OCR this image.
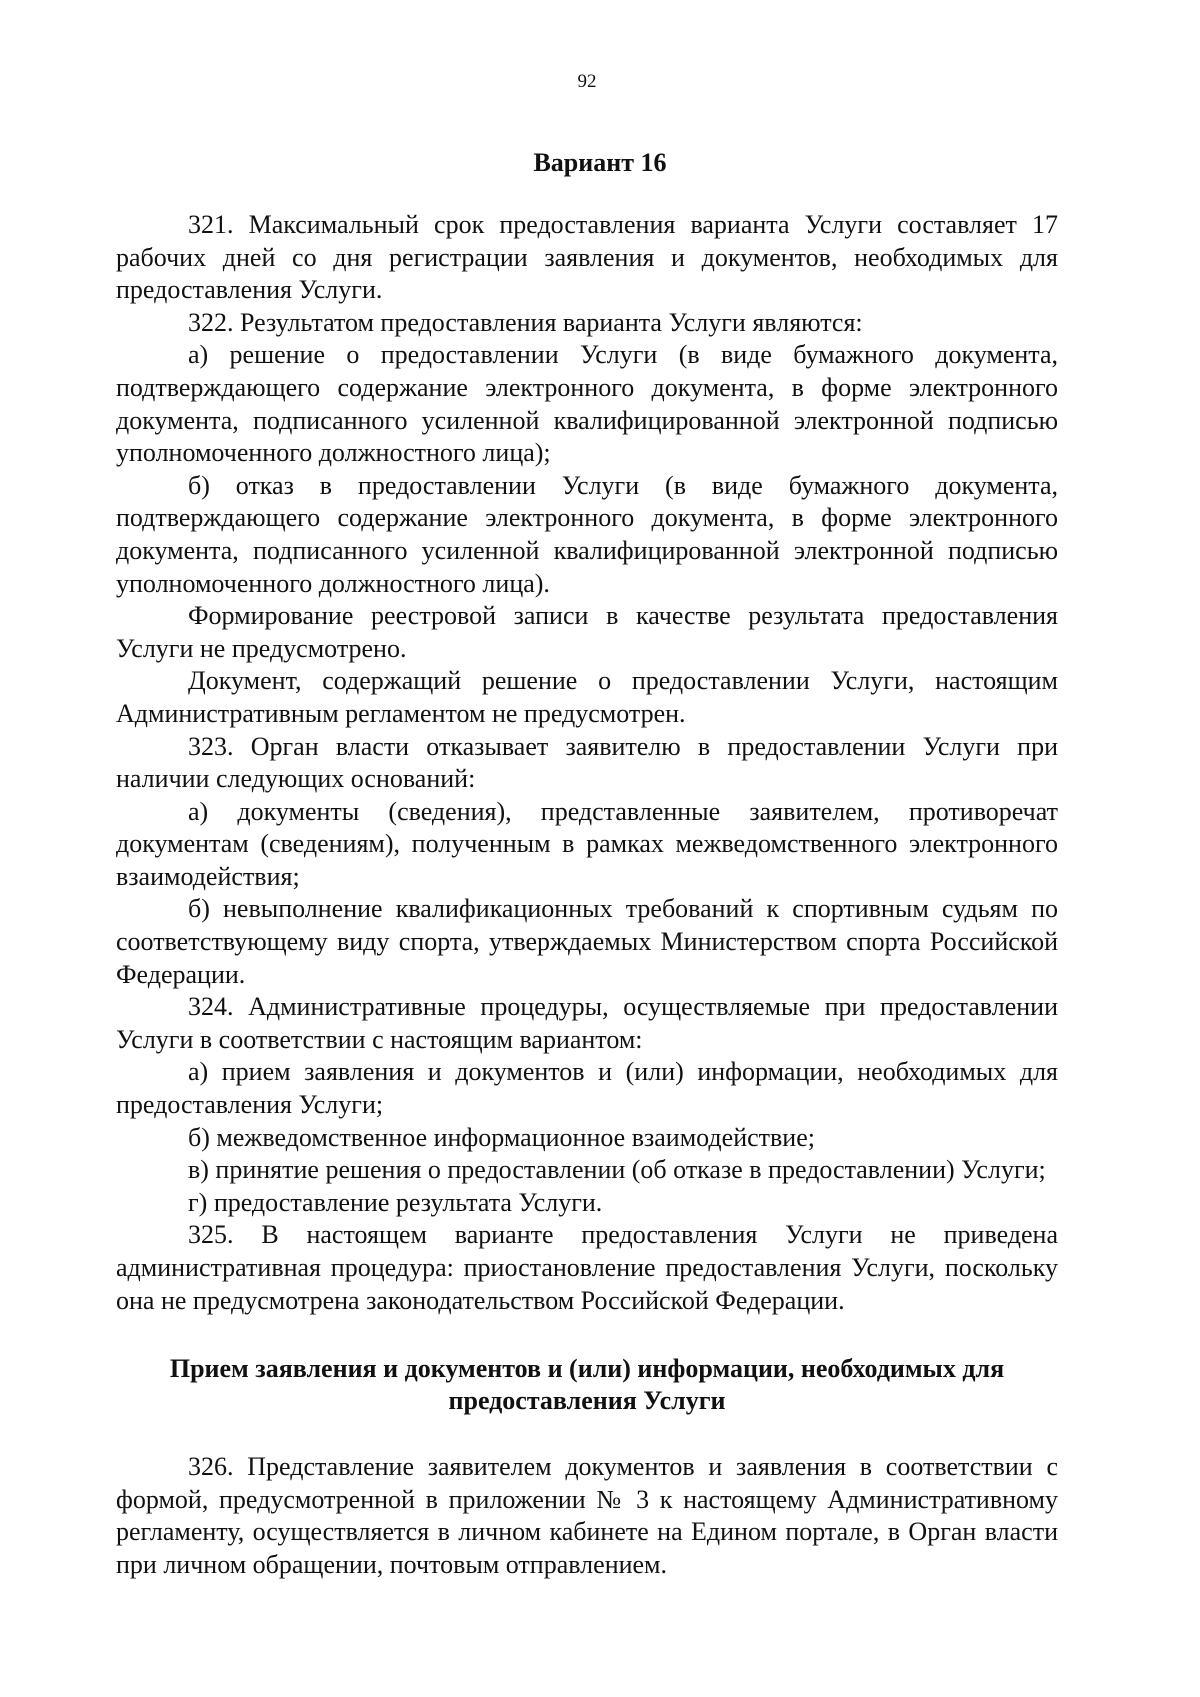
92
Вариант 16

321. Максимальный срок предоставления варианта Услуги составляет 17 рабочих дней со дня регистрации заявления и документов, необходимых для предоставления Услуги.

322. Результатом предоставления варианта Услуги являются:

а) решение о предоставлении Услуги (в виде бумажного документа, подтверждающего содержание электронного документа, в форме электронного документа, подписанного усиленной квалифицированной электронной подписью уполномоченного должностного лица);

б) отказ в предоставлении Услуги (в виде бумажного документа, подтверждающего содержание электронного документа, в форме электронного документа, подписанного усиленной квалифицированной электронной подписью уполномоченного должностного лица).

Формирование реестровой записи в качестве результата предоставления Услуги не предусмотрено.

Документ, содержащий решение о предоставлении Услуги, настоящим Административным регламентом не предусмотрен.

323. Орган власти отказывает заявителю в предоставлении Услуги при наличии следующих оснований:

а) документы (сведения), представленные заявителем, противоречат документам (сведениям), полученным в рамках межведомственного электронного взаимодействия;

б) невыполнение квалификационных требований к спортивным судьям по соответствующему виду спорта, утверждаемых Министерством спорта Российской Федерации.

324. Административные процедуры, осуществляемые при предоставлении Услуги в соответствии с настоящим вариантом:

а) прием заявления и документов и (или) информации, необходимых для предоставления Услуги;

б) межведомственное информационное взаимодействие;

в) принятие решения о предоставлении (об отказе в предоставлении) Услуги;

г) предоставление результата Услуги.

325. В настоящем варианте предоставления Услуги не приведена административная процедура: приостановление предоставления Услуги, поскольку она не предусмотрена законодательством Российской Федерации.

Прием заявления и документов и (или) информации, необходимых для предоставления Услуги

326. Представление заявителем документов и заявления в соответствии с формой, предусмотренной в приложении № 3 к настоящему Административному регламенту, осуществляется в личном кабинете на Едином портале, в Орган власти при личном обращении, почтовым отправлением.
